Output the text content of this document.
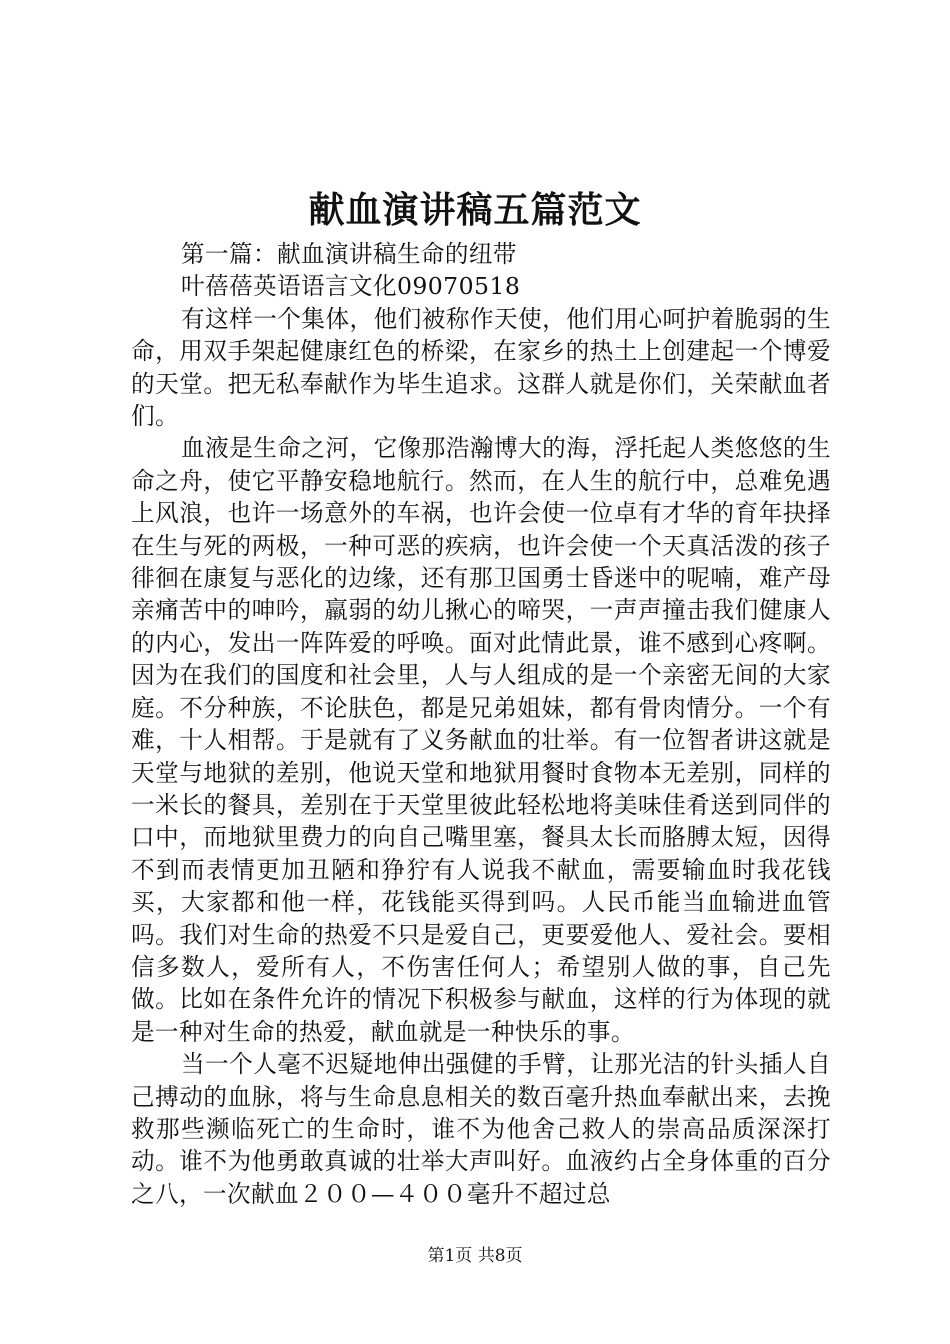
献血演讲稿五篇范文
第一篇：献血演讲稿生命的纽带
叶蓓蓓英语语言文化09070518
有这样一个集体，他们被称作天使，他们用心呵护着脆弱的生命，用双手架起健康红色的桥梁，在家乡的热土上创建起一个博爱的天堂。把无私奉献作为毕生追求。这群人就是你们，关荣献血者们。
血液是生命之河，它像那浩瀚博大的海，浮托起人类悠悠的生命之舟，使它平静安稳地航行。然而，在人生的航行中，总难免遇上风浪，也许一场意外的车祸，也许会使一位卓有才华的育年抉择在生与死的两极，一种可恶的疾病，也许会使一个天真活泼的孩子徘徊在康复与恶化的边缘，还有那卫国勇士昏迷中的呢喃，难产母亲痛苦中的呻吟，羸弱的幼儿揪心的啼哭，一声声撞击我们健康人的内心，发出一阵阵爱的呼唤。面对此情此景，谁不感到心疼啊。因为在我们的国度和社会里，人与人组成的是一个亲密无间的大家庭。不分种族，不论肤色，都是兄弟姐妹，都有骨肉情分。一个有难，十人相帮。于是就有了义务献血的壮举。有一位智者讲这就是天堂与地狱的差别，他说天堂和地狱用餐时食物本无差别，同样的一米长的餐具，差别在于天堂里彼此轻松地将美味佳肴送到同伴的口中，而地狱里费力的向自己嘴里塞，餐具太长而胳膊太短，因得不到而表情更加丑陋和狰狞有人说我不献血，需要输血时我花钱买，大家都和他一样，花钱能买得到吗。人民币能当血输进血管吗。我们对生命的热爱不只是爱自己，更要爱他人、爱社会。要相信多数人，爱所有人，不伤害任何人；希望别人做的事，自己先做。比如在条件允许的情况下积极参与献血，这样的行为体现的就是一种对生命的热爱，献血就是一种快乐的事。
当一个人毫不迟疑地伸出强健的手臂，让那光洁的针头插人自己搏动的血脉，将与生命息息相关的数百毫升热血奉献出来，去挽救那些濒临死亡的生命时，谁不为他舍己救人的崇高品质深深打动。谁不为他勇敢真诚的壮举大声叫好。血液约占全身体重的百分之八，一次献血２００—４００毫升不超过总
第1页 共8页
